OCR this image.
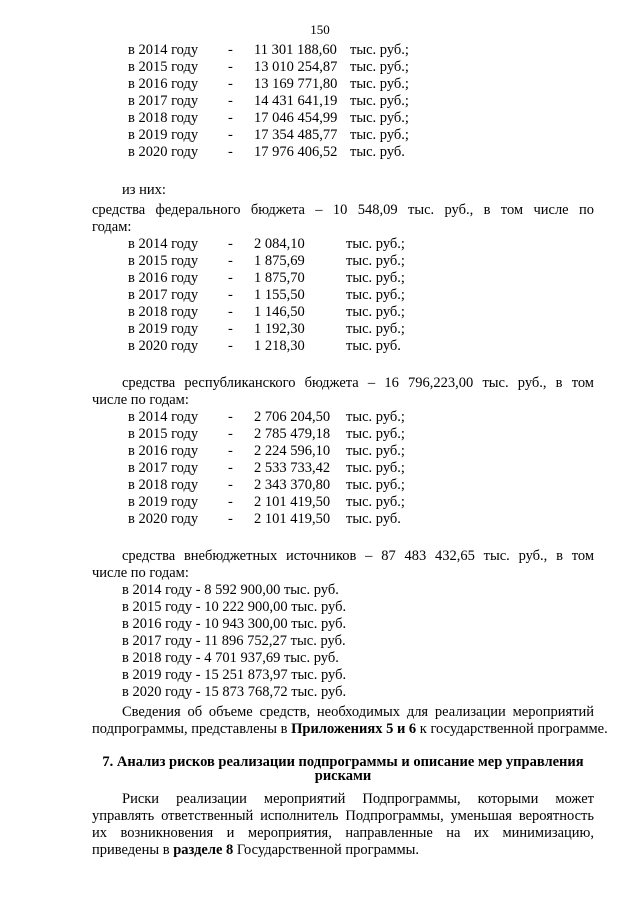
150
в 2014 году - 11 301 188,60 тыс. руб.;
в 2015 году - 13 010 254,87 тыс. руб.;
в 2016 году - 13 169 771,80 тыс. руб.;
в 2017 году - 14 431 641,19 тыс. руб.;
в 2018 году - 17 046 454,99 тыс. руб.;
в 2019 году - 17 354 485,77 тыс. руб.;
в 2020 году - 17 976 406,52 тыс. руб.
из них:
средства федерального бюджета – 10 548,09 тыс. руб., в том числе по
годам:
в 2014 году - 2 084,10	тыс. руб.;
в 2015 году - 1 875,69	тыс. руб.;
в 2016 году - 1 875,70	тыс. руб.;
в 2017 году - 1 155,50	тыс. руб.;
в 2018 году - 1 146,50	тыс. руб.;
в 2019 году - 1 192,30	тыс. руб.;
в 2020 году - 1 218,30	тыс. руб.
средства республиканского бюджета – 16 796,223,00 тыс. руб., в том
числе по годам:
в 2014 году - 2 706 204,50 тыс. руб.;
в 2015 году - 2 785 479,18 тыс. руб.;
в 2016 году - 2 224 596,10 тыс. руб.;
в 2017 году - 2 533 733,42 тыс. руб.;
в 2018 году - 2 343 370,80 тыс. руб.;
в 2019 году - 2 101 419,50 тыс. руб.;
в 2020 году - 2 101 419,50 тыс. руб.
средства внебюджетных источников – 87 483 432,65 тыс. руб., в том
числе по годам:
в 2014 году - 8 592 900,00 тыс. руб.
в 2015 году - 10 222 900,00 тыс. руб.
в 2016 году - 10 943 300,00 тыс. руб.
в 2017 году - 11 896 752,27 тыс. руб.
в 2018 году - 4 701 937,69 тыс. руб.
в 2019 году - 15 251 873,97 тыс. руб.
в 2020 году - 15 873 768,72 тыс. руб.
Сведения об объеме средств, необходимых для реализации мероприятий
подпрограммы, представлены в Приложениях 5 и 6 к государственной программе.
7. Анализ рисков реализации подпрограммы и описание мер управления
рисками
Риски реализации мероприятий Подпрограммы, которыми может
управлять ответственный исполнитель Подпрограммы, уменьшая вероятность
их возникновения и мероприятия, направленные на их минимизацию,
приведены в разделе 8 Государственной программы.
